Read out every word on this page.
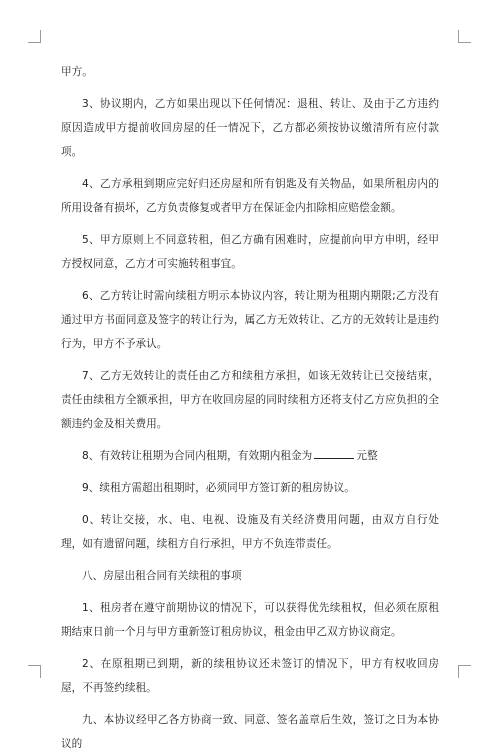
甲方。

3、协议期内，乙方如果出现以下任何情况：退租、转让、及由于乙方违约原因造成甲方提前收回房屋的任一情况下，乙方都必须按协议缴清所有应付款项。

4、乙方承租到期应完好归还房屋和所有钥匙及有关物品，如果所租房内的所用设备有损坏，乙方负责修复或者甲方在保证金内扣除相应赔偿金额。

5、甲方原则上不同意转租，但乙方确有困难时，应提前向甲方申明，经甲方授权同意，乙方才可实施转租事宜。

6、乙方转让时需向续租方明示本协议内容，转让期为租期内期限;乙方没有通过甲方书面同意及签字的转让行为，属乙方无效转让、乙方的无效转让是违约行为，甲方不予承认。

7、乙方无效转让的责任由乙方和续租方承担，如该无效转让已交接结束，责任由续租方全额承担，甲方在收回房屋的同时续租方还将支付乙方应负担的全额违约金及相关费用。

8、有效转让租期为合同内租期，有效期内租金为	元整

9、续租方需超出租期时，必须同甲方签订新的租房协议。

0、转让交接，水、电、电视、设施及有关经济费用问题，由双方自行处理，如有遗留问题，续租方自行承担，甲方不负连带责任。

八、房屋出租合同有关续租的事项

1、租房者在遵守前期协议的情况下，可以获得优先续租权，但必须在原租期结束日前一个月与甲方重新签订租房协议，租金由甲乙双方协议商定。

2、在原租期已到期，新的续租协议还未签订的情况下，甲方有权收回房屋，不再签约续租。

九、本协议经甲乙各方协商一致、同意、签名盖章后生效，签订之日为本协议的
